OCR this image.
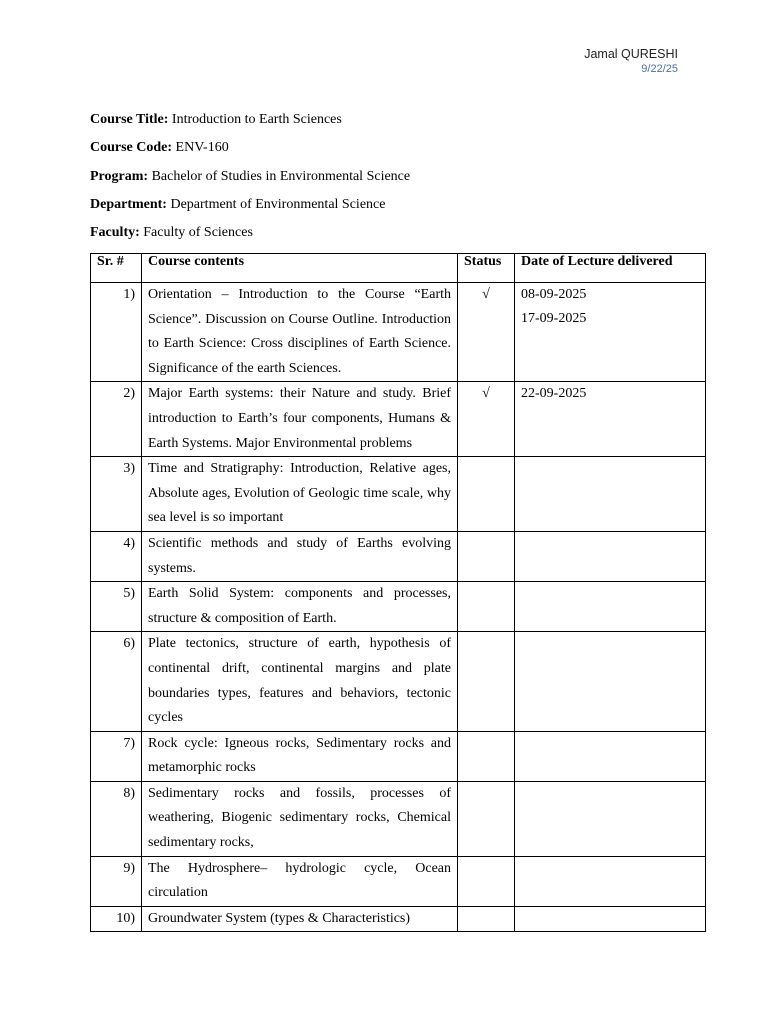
Jamal QURESHI
9/22/25
Course Title: Introduction to Earth Sciences
Course Code: ENV-160
Program: Bachelor of Studies in Environmental Science
Department: Department of Environmental Science
Faculty: Faculty of Sciences
Sr. #	Course contents	Status	Date of Lecture delivered
1)	Orientation – Introduction to the Course “Earth Science”. Discussion on Course Outline. Introduction to Earth Science: Cross disciplines of Earth Science. Significance of the earth Sciences.	√	08-09-2025
17-09-2025

2)	Major Earth systems: their Nature and study. Brief introduction to Earth’s four components, Humans & Earth Systems. Major Environmental problems	√	22-09-2025

3)	Time and Stratigraphy: Introduction, Relative ages, Absolute ages, Evolution of Geologic time scale, why sea level is so important		
4)	Scientific methods and study of Earths evolving systems.		
5)	Earth Solid System: components and processes, structure & composition of Earth.		
6)	Plate tectonics, structure of earth, hypothesis of continental drift, continental margins and plate boundaries types, features and behaviors, tectonic cycles		
7)	Rock cycle: Igneous rocks, Sedimentary rocks and metamorphic rocks		
8)	Sedimentary rocks and fossils, processes of weathering, Biogenic sedimentary rocks, Chemical sedimentary rocks,		
9)	The Hydrosphere– hydrologic cycle, Ocean circulation		
10)	Groundwater System (types & Characteristics)		
